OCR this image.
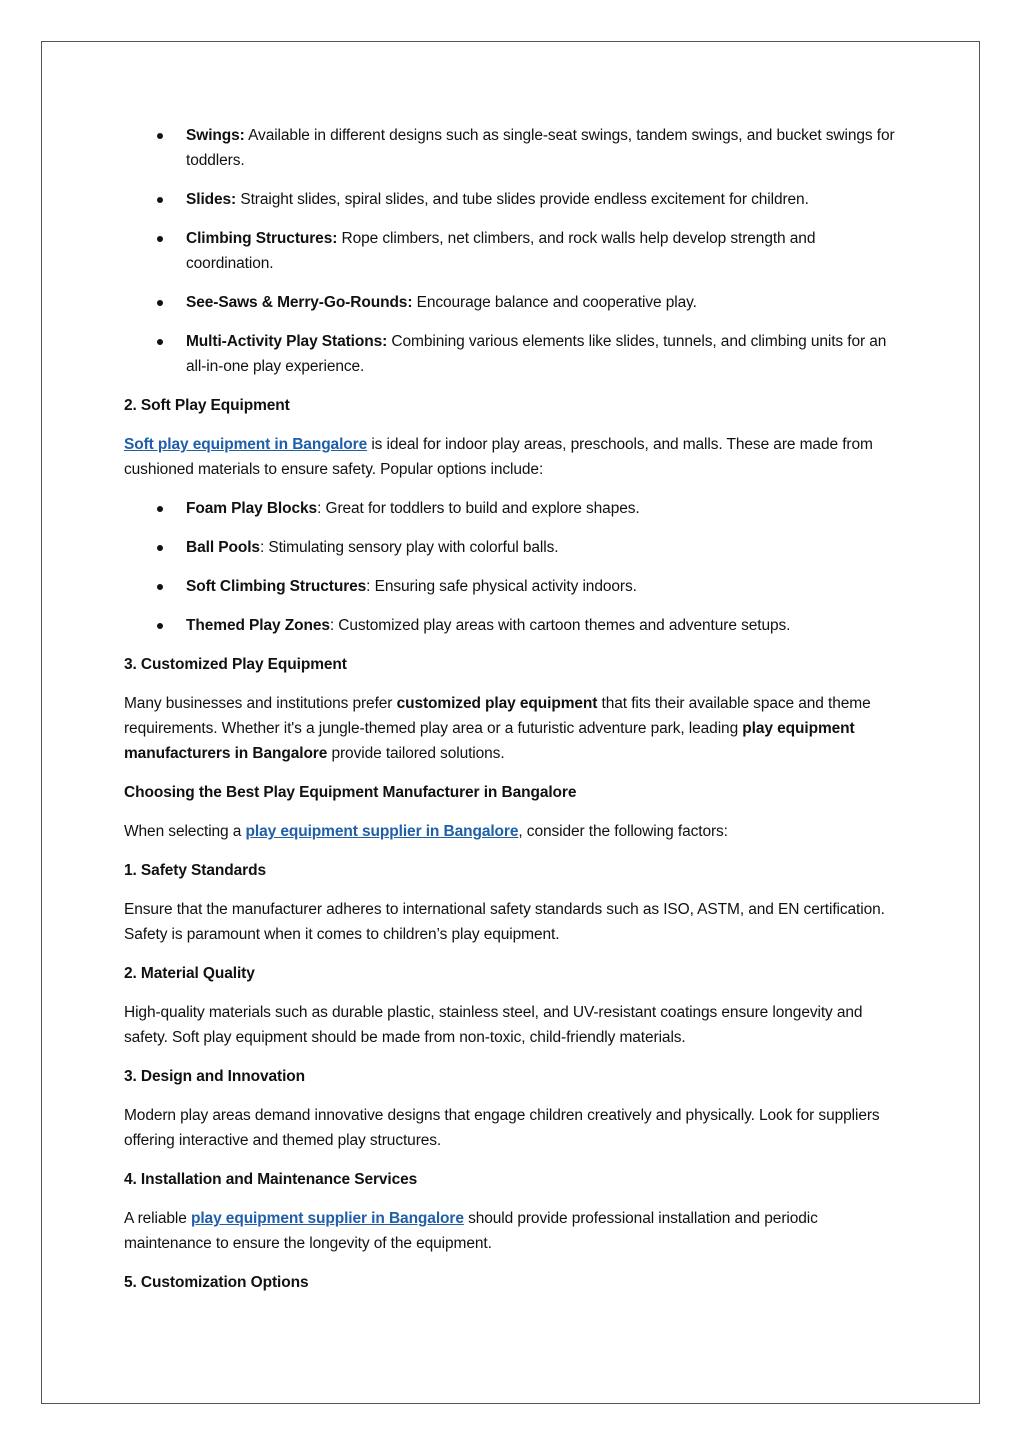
Swings: Available in different designs such as single-seat swings, tandem swings, and bucket swings for toddlers.
Slides: Straight slides, spiral slides, and tube slides provide endless excitement for children.
Climbing Structures: Rope climbers, net climbers, and rock walls help develop strength and coordination.
See-Saws & Merry-Go-Rounds: Encourage balance and cooperative play.
Multi-Activity Play Stations: Combining various elements like slides, tunnels, and climbing units for an all-in-one play experience.
2. Soft Play Equipment

Soft play equipment in Bangalore is ideal for indoor play areas, preschools, and malls. These are made from cushioned materials to ensure safety. Popular options include:

Foam Play Blocks: Great for toddlers to build and explore shapes.
Ball Pools: Stimulating sensory play with colorful balls.
Soft Climbing Structures: Ensuring safe physical activity indoors.
Themed Play Zones: Customized play areas with cartoon themes and adventure setups.
3. Customized Play Equipment

Many businesses and institutions prefer customized play equipment that fits their available space and theme requirements. Whether it's a jungle-themed play area or a futuristic adventure park, leading play equipment manufacturers in Bangalore provide tailored solutions.

Choosing the Best Play Equipment Manufacturer in Bangalore

When selecting a play equipment supplier in Bangalore, consider the following factors:

1. Safety Standards

Ensure that the manufacturer adheres to international safety standards such as ISO, ASTM, and EN certification. Safety is paramount when it comes to children’s play equipment.

2. Material Quality

High-quality materials such as durable plastic, stainless steel, and UV-resistant coatings ensure longevity and safety. Soft play equipment should be made from non-toxic, child-friendly materials.

3. Design and Innovation

Modern play areas demand innovative designs that engage children creatively and physically. Look for suppliers offering interactive and themed play structures.

4. Installation and Maintenance Services

A reliable play equipment supplier in Bangalore should provide professional installation and periodic maintenance to ensure the longevity of the equipment.

5. Customization Options
